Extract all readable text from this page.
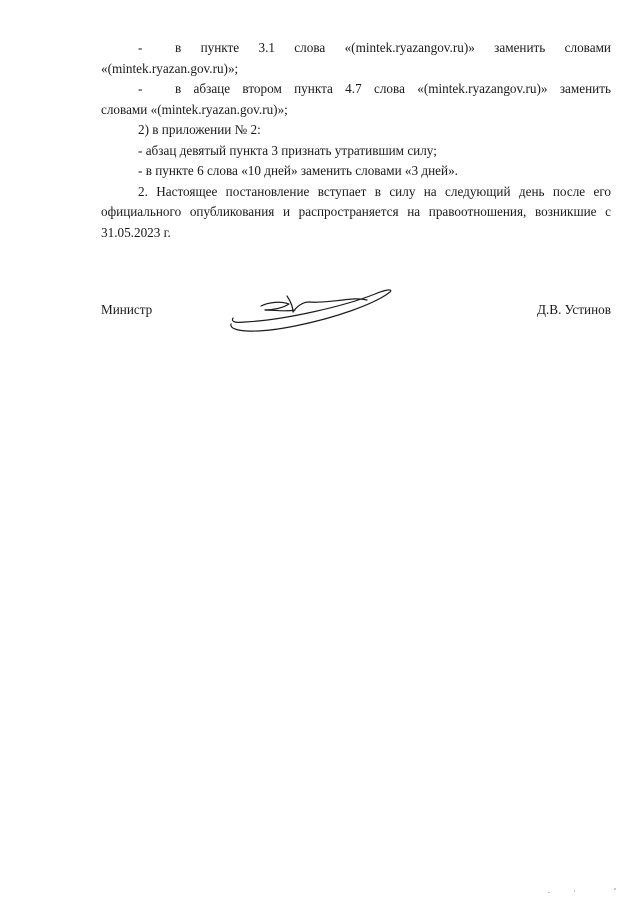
- в пункте 3.1 слова «(mintek.ryazangov.ru)» заменить словами

«(mintek.ryazan.gov.ru)»;

- в абзаце втором пункта 4.7 слова «(mintek.ryazangov.ru)» заменить

словами «(mintek.ryazan.gov.ru)»;

2) в приложении № 2:

- абзац девятый пункта 3 признать утратившим силу;

- в пункте 6 слова «10 дней» заменить словами «3 дней».

2. Настоящее постановление вступает в силу на следующий день после его официального опубликования и распространяется на правоотношения, возникшие с 31.05.2023 г.

Министр	Д.В. Устинов
